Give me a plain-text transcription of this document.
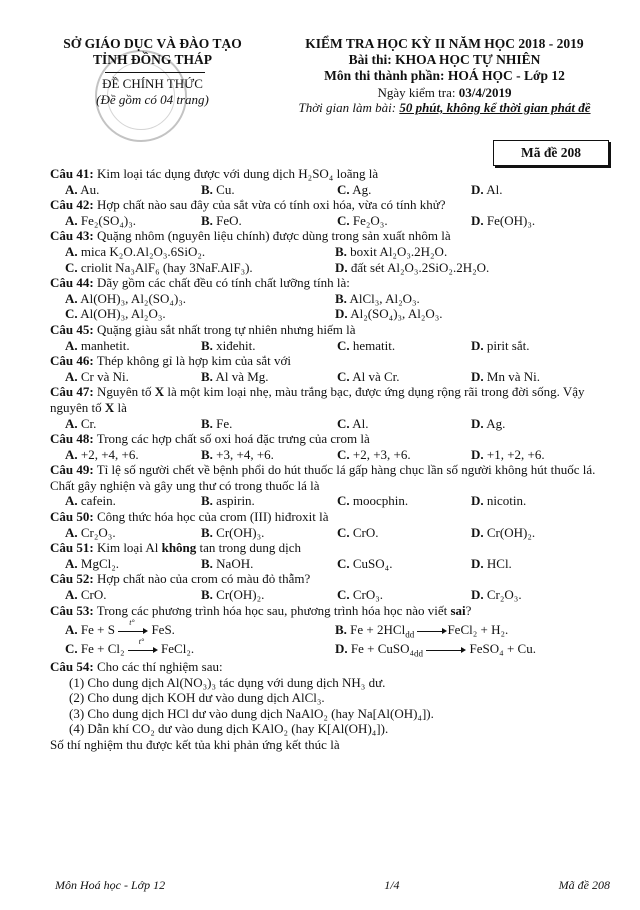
SỞ GIÁO DỤC VÀ ĐÀO TẠO
TỈNH ĐỒNG THÁP
ĐỀ CHÍNH THỨC
(Đề gồm có 04 trang)
KIỂM TRA HỌC KỲ II NĂM HỌC 2018 - 2019
Bài thi: KHOA HỌC TỰ NHIÊN
Môn thi thành phần: HOÁ HỌC - Lớp 12
Ngày kiểm tra: 03/4/2019
Thời gian làm bài: 50 phút, không kể thời gian phát đề
Mã đề 208
Câu 41: Kim loại tác dụng được với dung dịch H₂SO₄ loãng là
A. Au.	B. Cu.	C. Ag.	D. Al.
Câu 42: Hợp chất nào sau đây của sắt vừa có tính oxi hóa, vừa có tính khử?
A. Fe₂(SO₄)₃.	B. FeO.	C. Fe₂O₃.	D. Fe(OH)₃.
Câu 43: Quặng nhôm (nguyên liệu chính) được dùng trong sản xuất nhôm là
A. mica K₂O.Al₂O₃.6SiO₂.	B. boxit Al₂O₃.2H₂O.
C. criolit Na₃AlF₆ (hay 3NaF.AlF₃).	D. đất sét Al₂O₃.2SiO₂.2H₂O.
Câu 44: Dãy gồm các chất đều có tính chất lưỡng tính là:
A. Al(OH)₃, Al₂(SO₄)₃.	B. AlCl₃, Al₂O₃.
C. Al(OH)₃, Al₂O₃.	D. Al₂(SO₄)₃, Al₂O₃.
Câu 45: Quặng giàu sắt nhất trong tự nhiên nhưng hiếm là
A. manhetit.	B. xiđehit.	C. hematit.	D. pirit sắt.
Câu 46: Thép không gỉ là hợp kim của sắt với
A. Cr và Ni.	B. Al và Mg.	C. Al và Cr.	D. Mn và Ni.
Câu 47: Nguyên tố X là một kim loại nhẹ, màu trắng bạc, được ứng dụng rộng rãi trong đời sống. Vậy nguyên tố X là
A. Cr.	B. Fe.	C. Al.	D. Ag.
Câu 48: Trong các hợp chất số oxi hoá đặc trưng của crom là
A. +2, +4, +6.	B. +3, +4, +6.	C. +2, +3, +6.	D. +1, +2, +6.
Câu 49: Tỉ lệ số người chết về bệnh phổi do hút thuốc lá gấp hàng chục lần số người không hút thuốc lá. Chất gây nghiện và gây ung thư có trong thuốc lá là
A. cafein.	B. aspirin.	C. moocphin.	D. nicotin.
Câu 50: Công thức hóa học của crom (III) hiđroxit là
A. Cr₂O₃.	B. Cr(OH)₃.	C. CrO.	D. Cr(OH)₂.
Câu 51: Kim loại Al không tan trong dung dịch
A. MgCl₂.	B. NaOH.	C. CuSO₄.	D. HCl.
Câu 52: Hợp chất nào của crom có màu đỏ thẫm?
A. CrO.	B. Cr(OH)₂.	C. CrO₃.	D. Cr₂O₃.
Câu 53: Trong các phương trình hóa học sau, phương trình hóa học nào viết sai?
A. Fe + S t° FeS.	B. Fe + 2HCl$_{dd}$	FeCl₂ + H₂.
C. Fe + Cl₂ t° FeCl₂.	D. $Fe + CuSO_4_{dd}$	FeSO₄ + Cu.
Câu 54: Cho các thí nghiệm sau:
(1) Cho dung dịch Al(NO₃)₃ tác dụng với dung dịch NH₃ dư.
(2) Cho dung dịch KOH dư vào dung dịch AlCl₃.
(3) Cho dung dịch HCl dư vào dung dịch NaAlO₂ (hay Na[Al(OH)₄]).
(4) Dẫn khí CO₂ dư vào dung dịch KAlO₂ (hay K[Al(OH)₄]).
Số thí nghiệm thu được kết tủa khi phản ứng kết thúc là
Môn Hoá học - Lớp 12	1/4	Mã đề 208
